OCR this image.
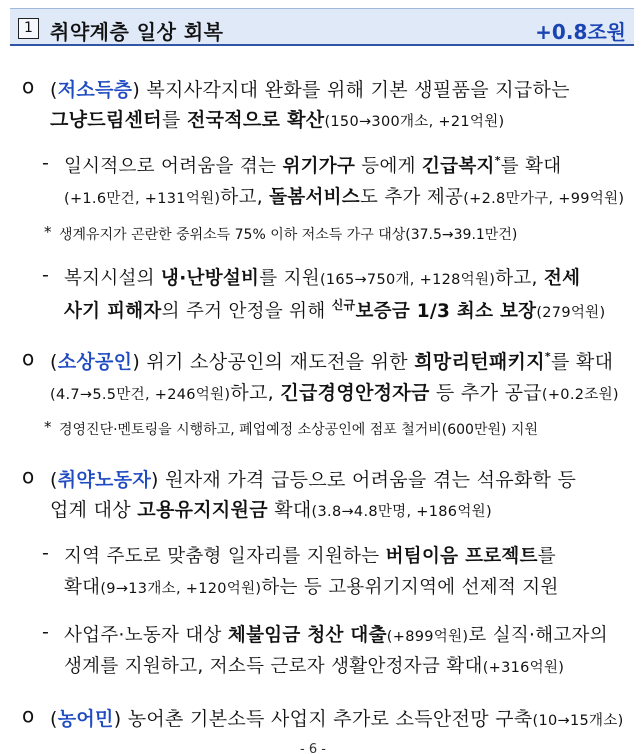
1 취약계층 일상 회복	+0.8조원
ο (저소득층) 복지사각지대 완화를 위해 기본 생필품을 지급하는
그냥드림센터를 전국적으로 확산(150→300개소, +21억원)
- 일시적으로 어려움을 겪는 위기가구 등에게 긴급복지*를 확대
(+1.6만건, +131억원)하고, 돌봄서비스도 추가 제공(+2.8만가구, +99억원)
* 생계유지가 곤란한 중위소득 75% 이하 저소득 가구 대상(37.5→39.1만건)
- 복지시설의 냉·난방설비를 지원(165→750개, +128억원)하고, 전세
사기 피해자의 주거 안정을 위해 $^{신규}$보증금 1/3 최소 보장(279억원)
ο (소상공인) 위기 소상공인의 재도전을 위한 희망리턴패키지*를 확대
(4.7→5.5만건, +246억원)하고, 긴급경영안정자금 등 추가 공급(+0.2조원)
* 경영진단·멘토링을 시행하고, 폐업예정 소상공인에 점포 철거비(600만원) 지원
ο (취약노동자) 원자재 가격 급등으로 어려움을 겪는 석유화학 등
업계 대상 고용유지지원금 확대(3.8→4.8만명, +186억원)
- 지역 주도로 맞춤형 일자리를 지원하는 버팀이음 프로젝트를
확대(9→13개소, +120억원)하는 등 고용위기지역에 선제적 지원
- 사업주·노동자 대상 체불임금 청산 대출(+899억원)로 실직·해고자의
생계를 지원하고, 저소득 근로자 생활안정자금 확대(+316억원)
ο (농어민) 농어촌 기본소득 사업지 추가로 소득안전망 구축(10→15개소)
- 6 -
